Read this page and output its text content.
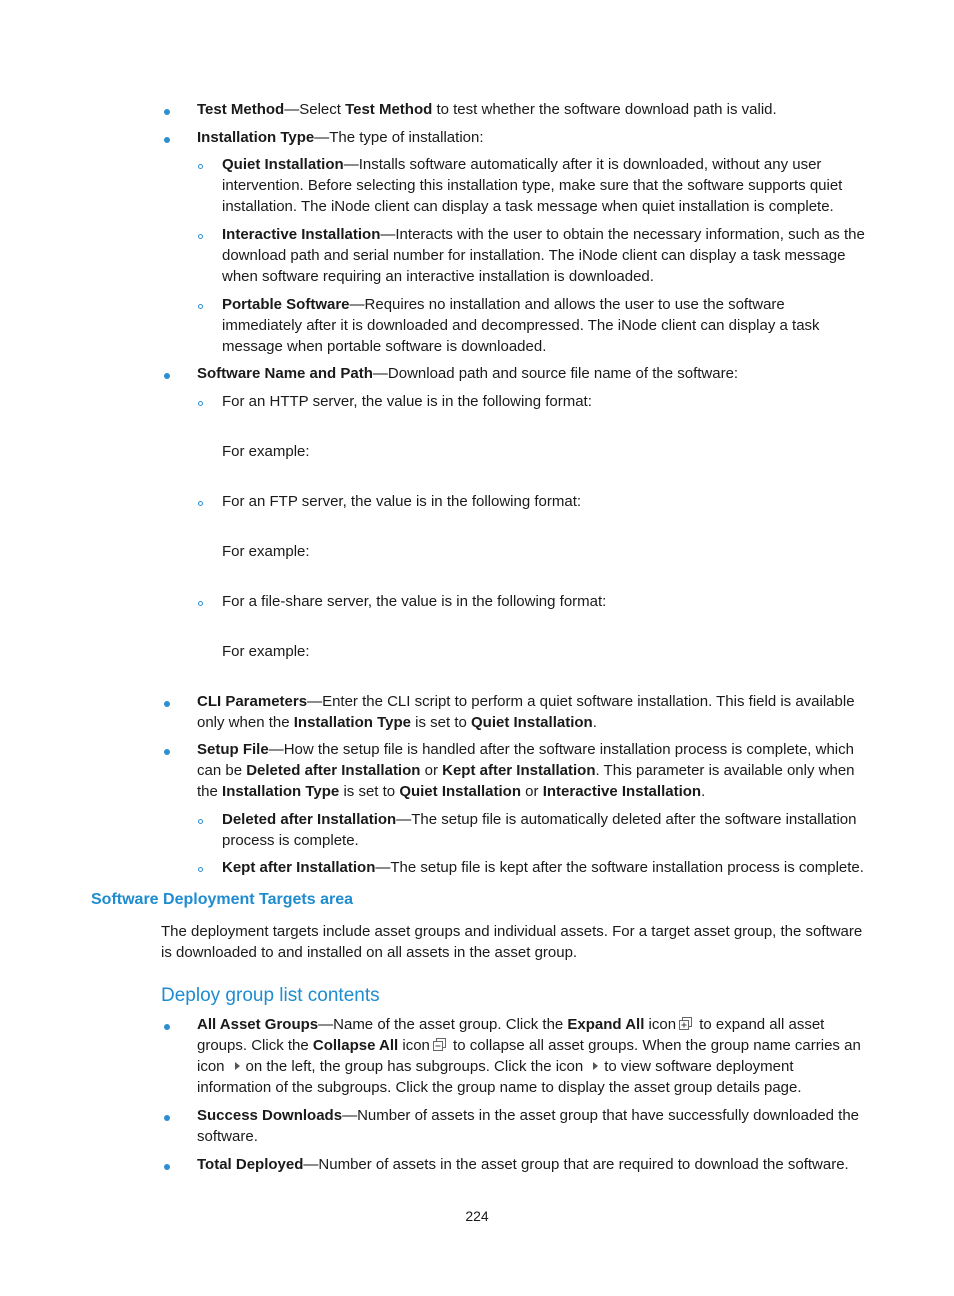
Test Method—Select Test Method to test whether the software download path is valid.
Installation Type—The type of installation:
Quiet Installation—Installs software automatically after it is downloaded, without any user intervention. Before selecting this installation type, make sure that the software supports quiet installation. The iNode client can display a task message when quiet installation is complete.
Interactive Installation—Interacts with the user to obtain the necessary information, such as the download path and serial number for installation. The iNode client can display a task message when software requiring an interactive installation is downloaded.
Portable Software—Requires no installation and allows the user to use the software immediately after it is downloaded and decompressed. The iNode client can display a task message when portable software is downloaded.
Software Name and Path—Download path and source file name of the software:
For an HTTP server, the value is in the following format:
For example:
For an FTP server, the value is in the following format:
For example:
For a file-share server, the value is in the following format:
For example:
CLI Parameters—Enter the CLI script to perform a quiet software installation. This field is available only when the Installation Type is set to Quiet Installation.
Setup File—How the setup file is handled after the software installation process is complete, which can be Deleted after Installation or Kept after Installation. This parameter is available only when the Installation Type is set to Quiet Installation or Interactive Installation.
Deleted after Installation—The setup file is automatically deleted after the software installation process is complete.
Kept after Installation—The setup file is kept after the software installation process is complete.
Software Deployment Targets area
The deployment targets include asset groups and individual assets. For a target asset group, the software is downloaded to and installed on all assets in the asset group.
Deploy group list contents
All Asset Groups—Name of the asset group. Click the Expand All icon
to expand all asset groups. Click the Collapse All icon
to collapse all asset groups. When the group name carries an icon on the left, the group has subgroups. Click the icon to view software deployment information of the subgroups. Click the group name to display the asset group details page.
Success Downloads—Number of assets in the asset group that have successfully downloaded the software.
Total Deployed—Number of assets in the asset group that are required to download the software.
224
